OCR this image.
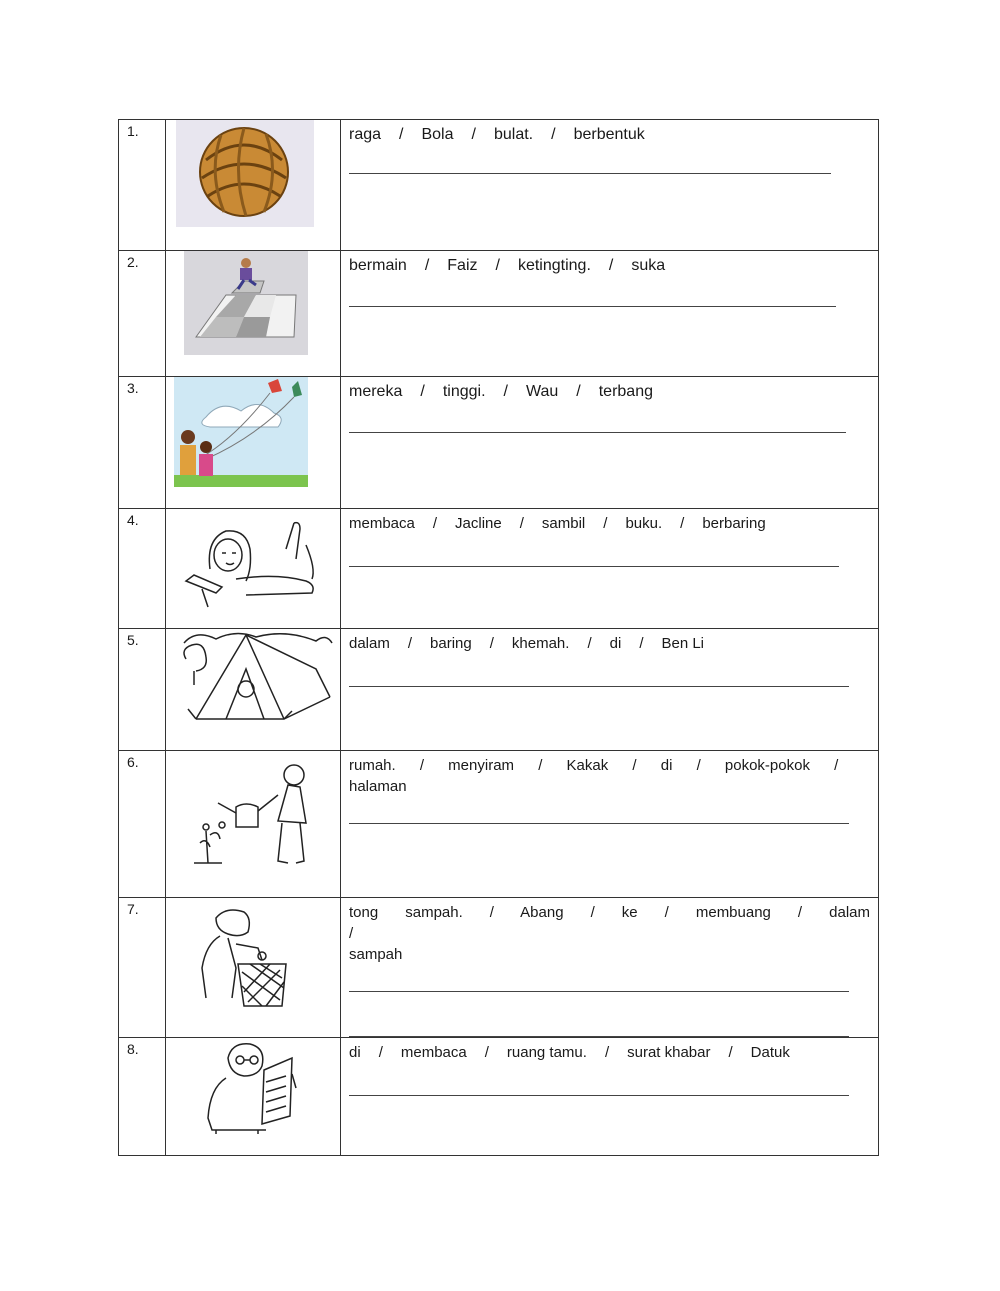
1.		raga / Bola / bulat. / berbentuk

2.		bermain / Faiz / ketingting. / suka

3.		mereka / tinggi. / Wau / terbang

4.		membaca / Jacline / sambil / buku. / berbaring

5.		dalam / baring / khemah. / di / Ben Li

6.		rumah. / menyiram / Kakak / di / pokok-pokok /
halaman

7.		tong sampah. / Abang / ke / membuang / dalam /
sampah

8.		di / membaca / ruang tamu. / surat khabar / Datuk
